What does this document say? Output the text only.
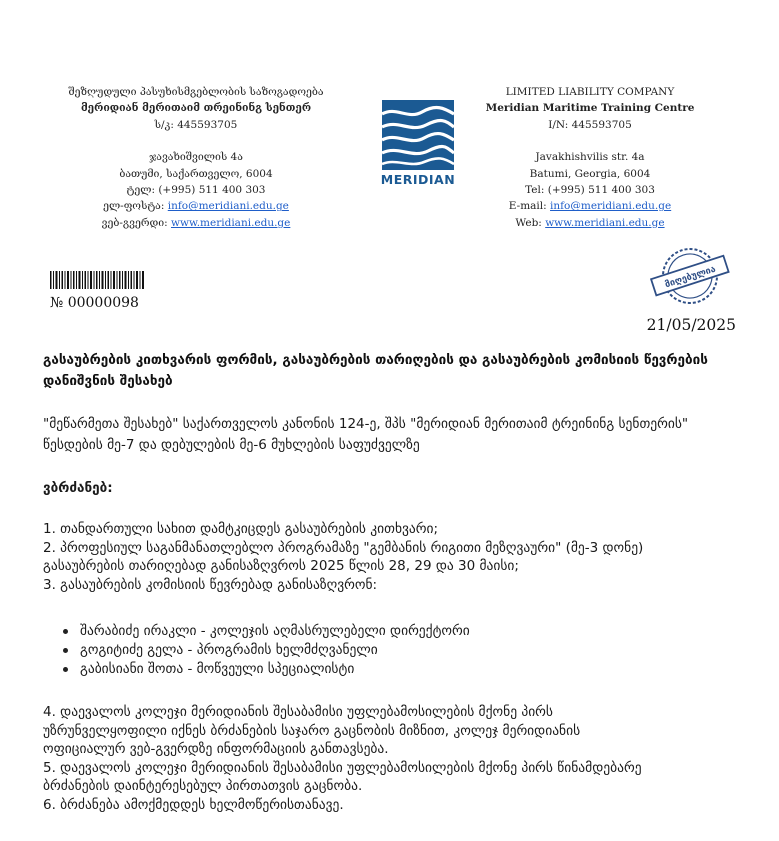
შეზღუდული პასუხისმგებლობის საზოგადოება
მერიდიან მერითაიმ თრეინინგ სენთერ
ს/კ: 445593705
ჯავახიშვილის 4ა
ბათუმი, საქართველო, 6004
ტელ: (+995) 511 400 303
ელ-ფოსტა: info@meridiani.edu.ge
ვებ-გვერდი: www.meridiani.edu.ge
MERIDIAN
LIMITED LIABILITY COMPANY
Meridian Maritime Training Centre
I/N: 445593705
Javakhishvilis str. 4a
Batumi, Georgia, 6004
Tel: (+995) 511 400 303
E-mail: info@meridiani.edu.ge
Web: www.meridiani.edu.ge
№ 00000098
მიღებულია
21/05/2025
გასაუბრების კითხვარის ფორმის, გასაუბრების თარიღების და გასაუბრების კომისიის წევრების დანიშვნის შესახებ
"მეწარმეთა შესახებ" საქართველოს კანონის 124-ე, შპს "მერიდიან მერითაიმ ტრეინინგ სენთერის" წესდების მე-7 და დებულების მე-6 მუხლების საფუძველზე
ვბრძანებ:
1. თანდართული სახით დამტკიცდეს გასაუბრების კითხვარი;
2. პროფესიულ საგანმანათლებლო პროგრამაზე "გემბანის რიგითი მეზღვაური" (მე-3 დონე)
გასაუბრების თარიღებად განისაზღვროს 2025 წლის 28, 29 და 30 მაისი;
3. გასაუბრების კომისიის წევრებად განისაზღვრონ:
შარაბიძე ირაკლი - კოლეჯის აღმასრულებელი დირექტორი
გოგიტიძე გელა - პროგრამის ხელმძღვანელი
გაბისიანი შოთა - მოწვეული სპეციალისტი
4. დაევალოს კოლეჯი მერიდიანის შესაბამისი უფლებამოსილების მქონე პირს
უზრუნველყოფილი იქნეს ბრძანების საჯარო გაცნობის მიზნით, კოლეჯ მერიდიანის
ოფიციალურ ვებ-გვერდზე ინფორმაციის განთავსება.
5. დაევალოს კოლეჯი მერიდიანის შესაბამისი უფლებამოსილების მქონე პირს წინამდებარე
ბრძანების დაინტერესებულ პირთათვის გაცნობა.
6. ბრძანება ამოქმედდეს ხელმოწერისთანავე.
